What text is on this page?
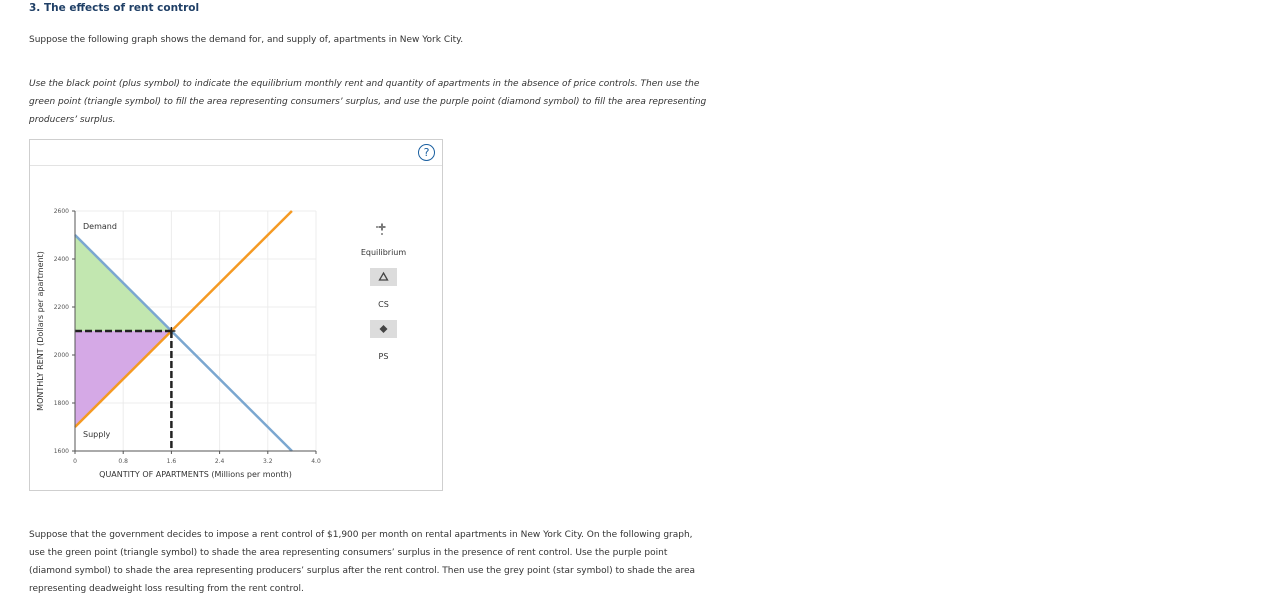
3. The effects of rent control
Suppose the following graph shows the demand for, and supply of, apartments in New York City.
Use the black point (plus symbol) to indicate the equilibrium monthly rent and quantity of apartments in the absence of price controls. Then use the
green point (triangle symbol) to fill the area representing consumers’ surplus, and use the purple point (diamond symbol) to fill the area representing
producers’ surplus.
?
1600
1800
2000
2200
2400
2600
0	0.8	1.6	2.4	3.2	4.0
Demand
Supply
QUANTITY OF APARTMENTS (Millions per month)
MONTHLY RENT (Dollars per apartment)	Equilibrium
CS
PS
Suppose that the government decides to impose a rent control of $1,900 per month on rental apartments in New York City. On the following graph,
use the green point (triangle symbol) to shade the area representing consumers’ surplus in the presence of rent control. Use the purple point
(diamond symbol) to shade the area representing producers’ surplus after the rent control. Then use the grey point (star symbol) to shade the area
representing deadweight loss resulting from the rent control.
